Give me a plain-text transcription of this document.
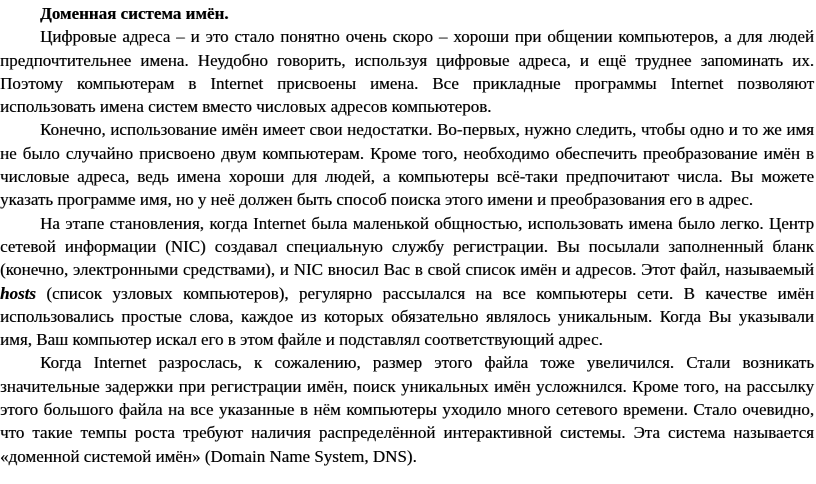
Доменная система имён.

Цифровые адреса – и это стало понятно очень скоро – хороши при общении компьютеров, а для людей предпочтительнее имена. Неудобно говорить, используя цифровые адреса, и ещё труднее запоминать их. Поэтому компьютерам в Internet присвоены имена. Все прикладные программы Internet позволяют использовать имена систем вместо числовых адресов компьютеров.

Конечно, использование имён имеет свои недостатки. Во-первых, нужно следить, чтобы одно и то же имя не было случайно присвоено двум компьютерам. Кроме того, необходимо обеспечить преобразование имён в числовые адреса, ведь имена хороши для людей, а компьютеры всё-таки предпочитают числа. Вы можете указать программе имя, но у неё должен быть способ поиска этого имени и преобразования его в адрес.

На этапе становления, когда Internet была маленькой общностью, использовать имена было легко. Центр сетевой информации (NIC) создавал специальную службу регистрации. Вы посылали заполненный бланк (конечно, электронными средствами), и NIC вносил Вас в свой список имён и адресов. Этот файл, называемый hosts (список узловых компьютеров), регулярно рассылался на все компьютеры сети. В качестве имён использовались простые слова, каждое из которых обязательно являлось уникальным. Когда Вы указывали имя, Ваш компьютер искал его в этом файле и подставлял соответствующий адрес.

Когда Internet разрослась, к сожалению, размер этого файла тоже увеличился. Стали возникать значительные задержки при регистрации имён, поиск уникальных имён усложнился. Кроме того, на рассылку этого большого файла на все указанные в нём компьютеры уходило много сетевого времени. Стало очевидно, что такие темпы роста требуют наличия распределённой интерактивной системы. Эта система называется «доменной системой имён» (Domain Name System, DNS).
